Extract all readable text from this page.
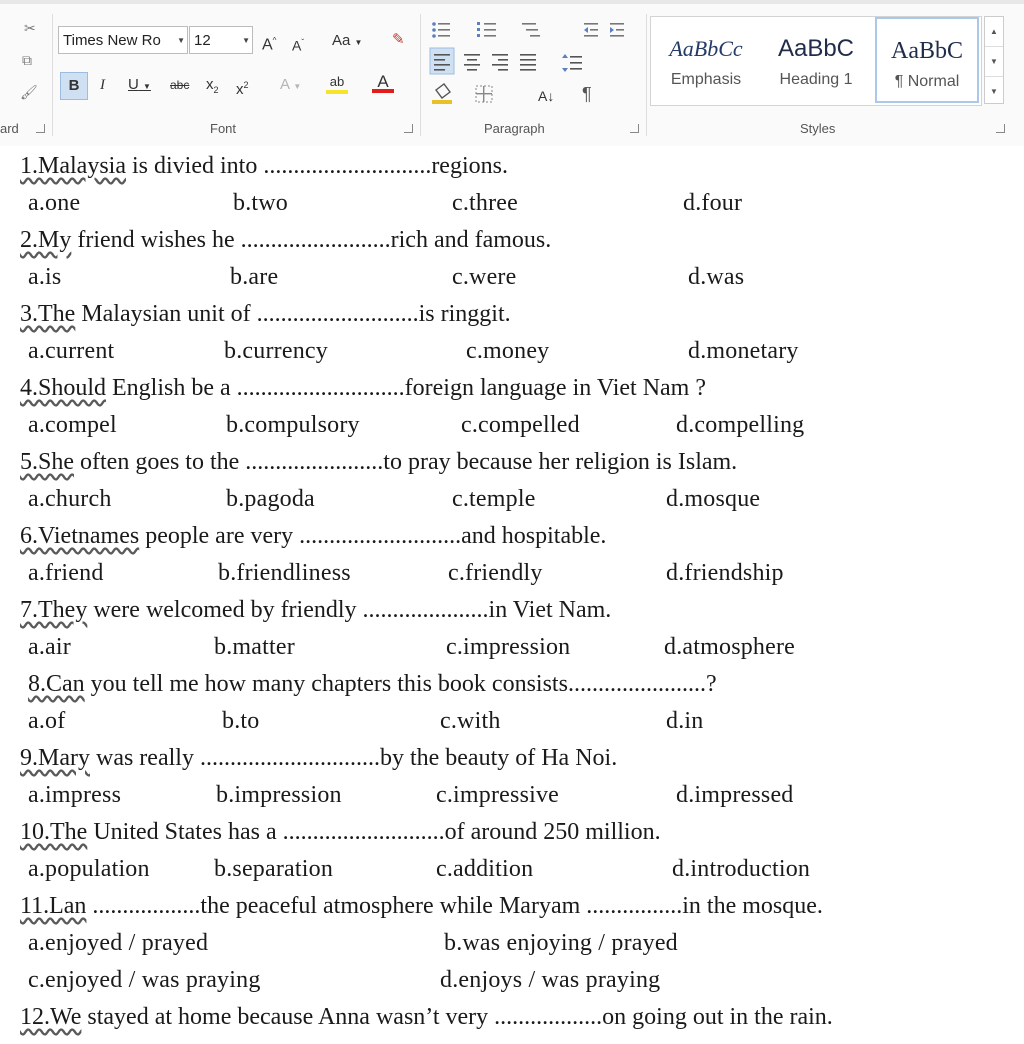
✂
⧉
🖌
ard
Times New Ro ▼ 12	▼ A^ $A^ˇ$ Aa ▼ ✎
B	I U ▼ abc $x_2$ $x^2$ A ▼ ab	A
Font
A↓ ¶
Paragraph
AaBbCc
Emphasis
AaBbC
Heading 1
AaBbC
¶ Normal
▲
▼
▼
Styles
1.Malaysia is divied into ............................regions.
a.one	b.two	c.three	d.four
2.My friend wishes he .........................rich and famous.
a.is	b.are	c.were	d.was
3.The Malaysian unit of ...........................is ringgit.
a.current	b.currency	c.money	d.monetary
4.Should English be a ............................foreign language in Viet Nam ?
a.compel	b.compulsory	c.compelled	d.compelling
5.She often goes to the .......................to pray because her religion is Islam.
a.church	b.pagoda	c.temple	d.mosque
6.Vietnames people are very ...........................and hospitable.
a.friend	b.friendliness	c.friendly	d.friendship
7.They were welcomed by friendly .....................in Viet Nam.
a.air	b.matter	c.impression	d.atmosphere
8.Can you tell me how many chapters this book consists.......................?
a.of	b.to	c.with	d.in
9.Mary was really ..............................by the beauty of Ha Noi.
a.impress	b.impression	c.impressive	d.impressed
10.The United States has a ...........................of around 250 million.
a.population	b.separation	c.addition	d.introduction
11.Lan ..................the peaceful atmosphere while Maryam ................in the mosque.
a.enjoyed / prayed	b.was enjoying / prayed
c.enjoyed / was praying	d.enjoys / was praying
12.We stayed at home because Anna wasn’t very ..................on going out in the rain.
